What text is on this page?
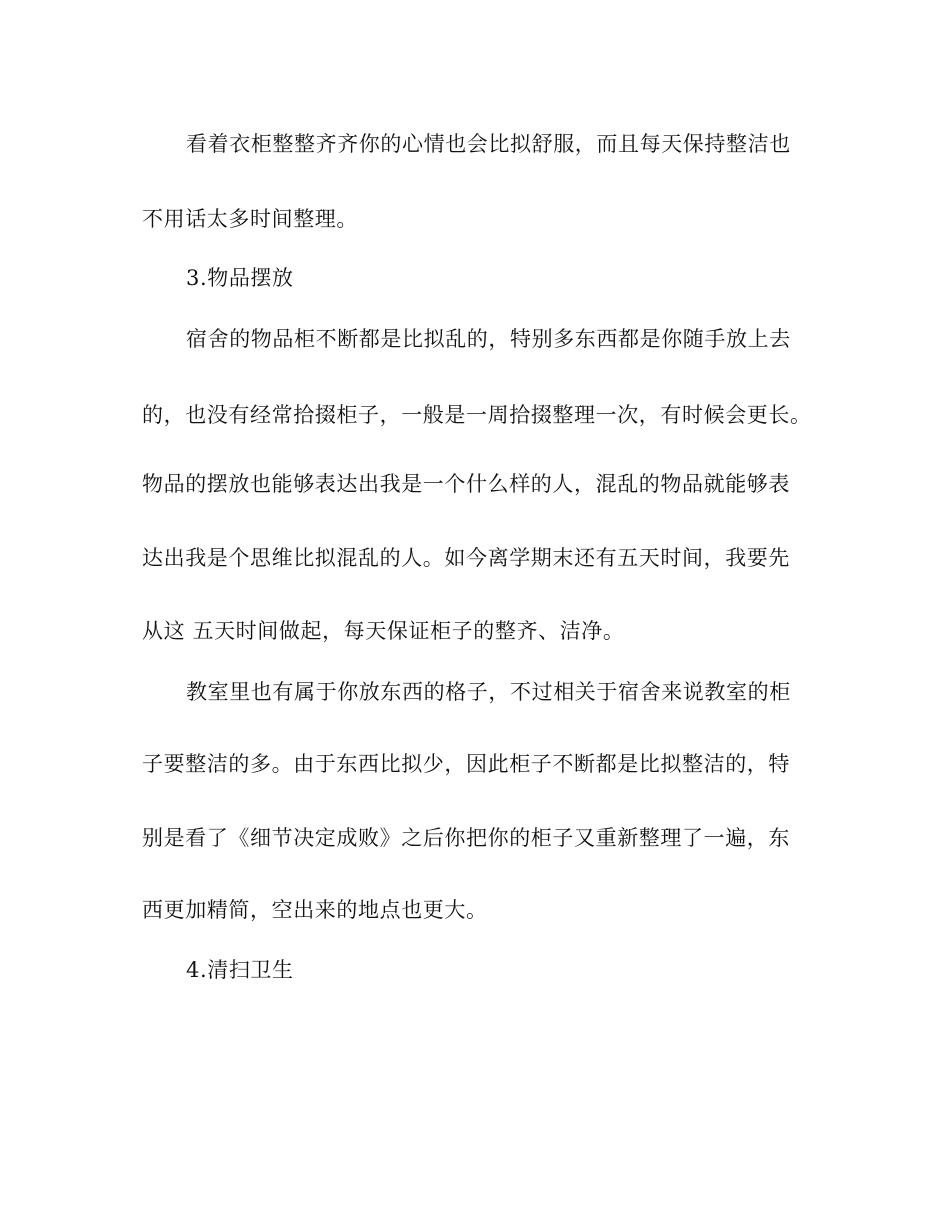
看着衣柜整整齐齐你的心情也会比拟舒服，而且每天保持整洁也
不用话太多时间整理。
3.物品摆放
宿舍的物品柜不断都是比拟乱的，特别多东西都是你随手放上去
的，也没有经常拾掇柜子，一般是一周拾掇整理一次，有时候会更长。
物品的摆放也能够表达出我是一个什么样的人，混乱的物品就能够表
达出我是个思维比拟混乱的人。如今离学期末还有五天时间，我要先
从这 五天时间做起，每天保证柜子的整齐、洁净。
教室里也有属于你放东西的格子，不过相关于宿舍来说教室的柜
子要整洁的多。由于东西比拟少，因此柜子不断都是比拟整洁的，特
别是看了《细节决定成败》之后你把你的柜子又重新整理了一遍，东
西更加精简，空出来的地点也更大。
4.清扫卫生
